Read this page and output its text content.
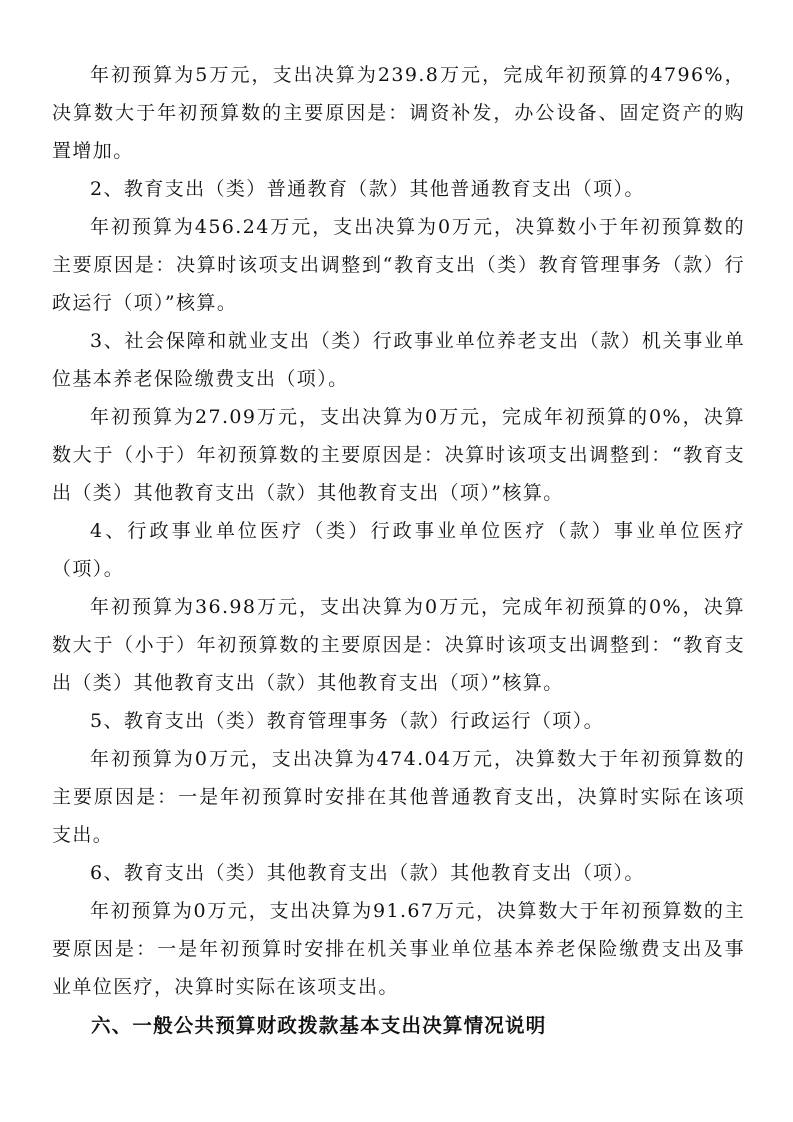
年初预算为5万元，支出决算为239.8万元，完成年初预算的4796%，决算数大于年初预算数的主要原因是：调资补发，办公设备、固定资产的购置增加。

2、教育支出（类）普通教育（款）其他普通教育支出（项）。

年初预算为456.24万元，支出决算为0万元，决算数小于年初预算数的主要原因是：决算时该项支出调整到“教育支出（类）教育管理事务（款）行政运行（项）”核算。

3、社会保障和就业支出（类）行政事业单位养老支出（款）机关事业单位基本养老保险缴费支出（项）。

年初预算为27.09万元，支出决算为0万元，完成年初预算的0%，决算数大于（小于）年初预算数的主要原因是：决算时该项支出调整到：“教育支出（类）其他教育支出（款）其他教育支出（项）”核算。

4、行政事业单位医疗（类）行政事业单位医疗（款）事业单位医疗（项）。

年初预算为36.98万元，支出决算为0万元，完成年初预算的0%，决算数大于（小于）年初预算数的主要原因是：决算时该项支出调整到：“教育支出（类）其他教育支出（款）其他教育支出（项）”核算。

5、教育支出（类）教育管理事务（款）行政运行（项）。

年初预算为0万元，支出决算为474.04万元，决算数大于年初预算数的主要原因是：一是年初预算时安排在其他普通教育支出，决算时实际在该项支出。

6、教育支出（类）其他教育支出（款）其他教育支出（项）。

年初预算为0万元，支出决算为91.67万元，决算数大于年初预算数的主要原因是：一是年初预算时安排在机关事业单位基本养老保险缴费支出及事业单位医疗，决算时实际在该项支出。

六、一般公共预算财政拨款基本支出决算情况说明
